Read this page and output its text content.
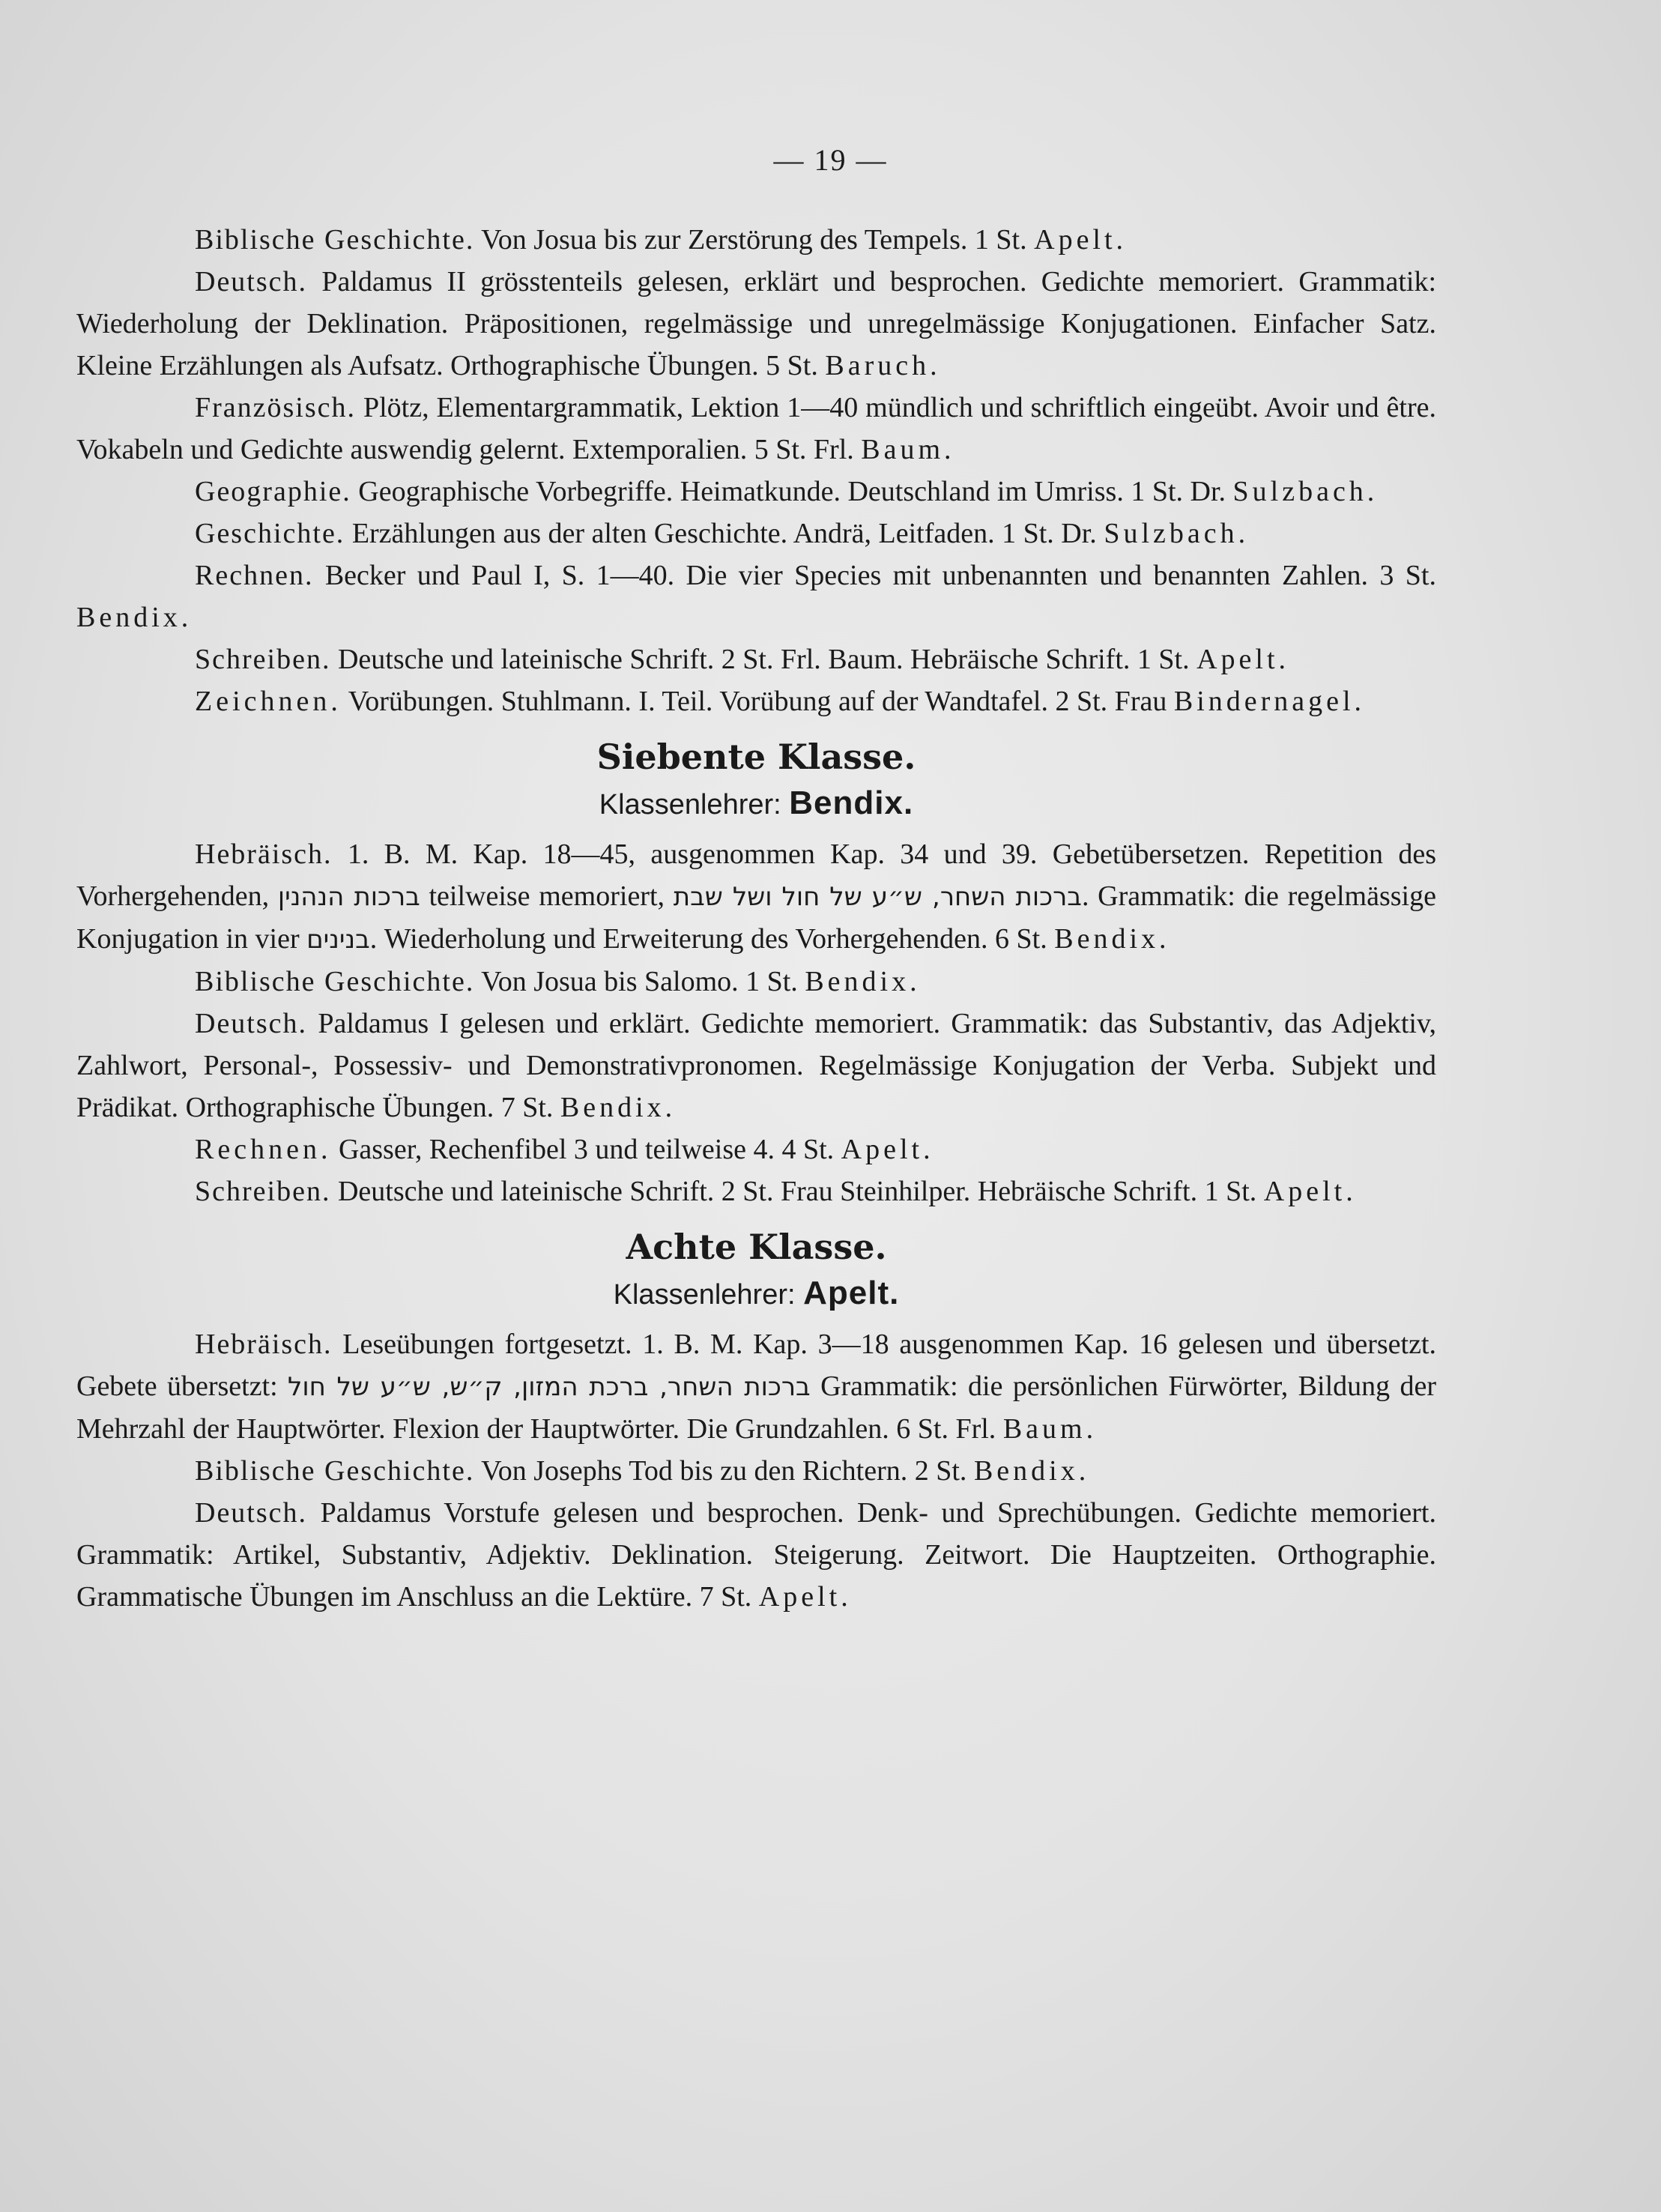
— 19 —

Biblische Geschichte. Von Josua bis zur Zerstörung des Tempels. 1 St. Apelt.

Deutsch. Paldamus II grösstenteils gelesen, erklärt und besprochen. Gedichte memoriert. Grammatik: Wiederholung der Deklination. Präpositionen, regelmässige und unregelmässige Konjugationen. Einfacher Satz. Kleine Erzählungen als Aufsatz. Orthographische Übungen. 5 St. Baruch.

Französisch. Plötz, Elementargrammatik, Lektion 1—40 mündlich und schriftlich eingeübt. Avoir und être. Vokabeln und Gedichte auswendig gelernt. Extemporalien. 5 St. Frl. Baum.

Geographie. Geographische Vorbegriffe. Heimatkunde. Deutschland im Umriss. 1 St. Dr. Sulzbach.

Geschichte. Erzählungen aus der alten Geschichte. Andrä, Leitfaden. 1 St. Dr. Sulzbach.

Rechnen. Becker und Paul I, S. 1—40. Die vier Species mit unbenannten und benannten Zahlen. 3 St. Bendix.

Schreiben. Deutsche und lateinische Schrift. 2 St. Frl. Baum. Hebräische Schrift. 1 St. Apelt.

Zeichnen. Vorübungen. Stuhlmann. I. Teil. Vorübung auf der Wandtafel. 2 St. Frau Bindernagel.

Siebente Klasse.
Klassenlehrer: Bendix.

Hebräisch. 1. B. M. Kap. 18—45, ausgenommen Kap. 34 und 39. Gebetübersetzen. Repetition des Vorhergehenden, ברכות הנהנין teilweise memoriert, ברכות השחר, ש״ע של חול ושל שבת. Grammatik: die regelmässige Konjugation in vier בנינים. Wiederholung und Erweiterung des Vorhergehenden. 6 St. Bendix.

Biblische Geschichte. Von Josua bis Salomo. 1 St. Bendix.

Deutsch. Paldamus I gelesen und erklärt. Gedichte memoriert. Grammatik: das Substantiv, das Adjektiv, Zahlwort, Personal-, Possessiv- und Demonstrativpronomen. Regelmässige Konjugation der Verba. Subjekt und Prädikat. Orthographische Übungen. 7 St. Bendix.

Rechnen. Gasser, Rechenfibel 3 und teilweise 4. 4 St. Apelt.

Schreiben. Deutsche und lateinische Schrift. 2 St. Frau Steinhilper. Hebräische Schrift. 1 St. Apelt.

Achte Klasse.
Klassenlehrer: Apelt.

Hebräisch. Leseübungen fortgesetzt. 1. B. M. Kap. 3—18 ausgenommen Kap. 16 gelesen und übersetzt. Gebete übersetzt: ברכות השחר, ברכת המזון, ק״ש, ש״ע של חול Grammatik: die persönlichen Fürwörter, Bildung der Mehrzahl der Hauptwörter. Flexion der Hauptwörter. Die Grundzahlen. 6 St. Frl. Baum.

Biblische Geschichte. Von Josephs Tod bis zu den Richtern. 2 St. Bendix.

Deutsch. Paldamus Vorstufe gelesen und besprochen. Denk- und Sprechübungen. Gedichte memoriert. Grammatik: Artikel, Substantiv, Adjektiv. Deklination. Steigerung. Zeitwort. Die Hauptzeiten. Orthographie. Grammatische Übungen im Anschluss an die Lektüre. 7 St. Apelt.
